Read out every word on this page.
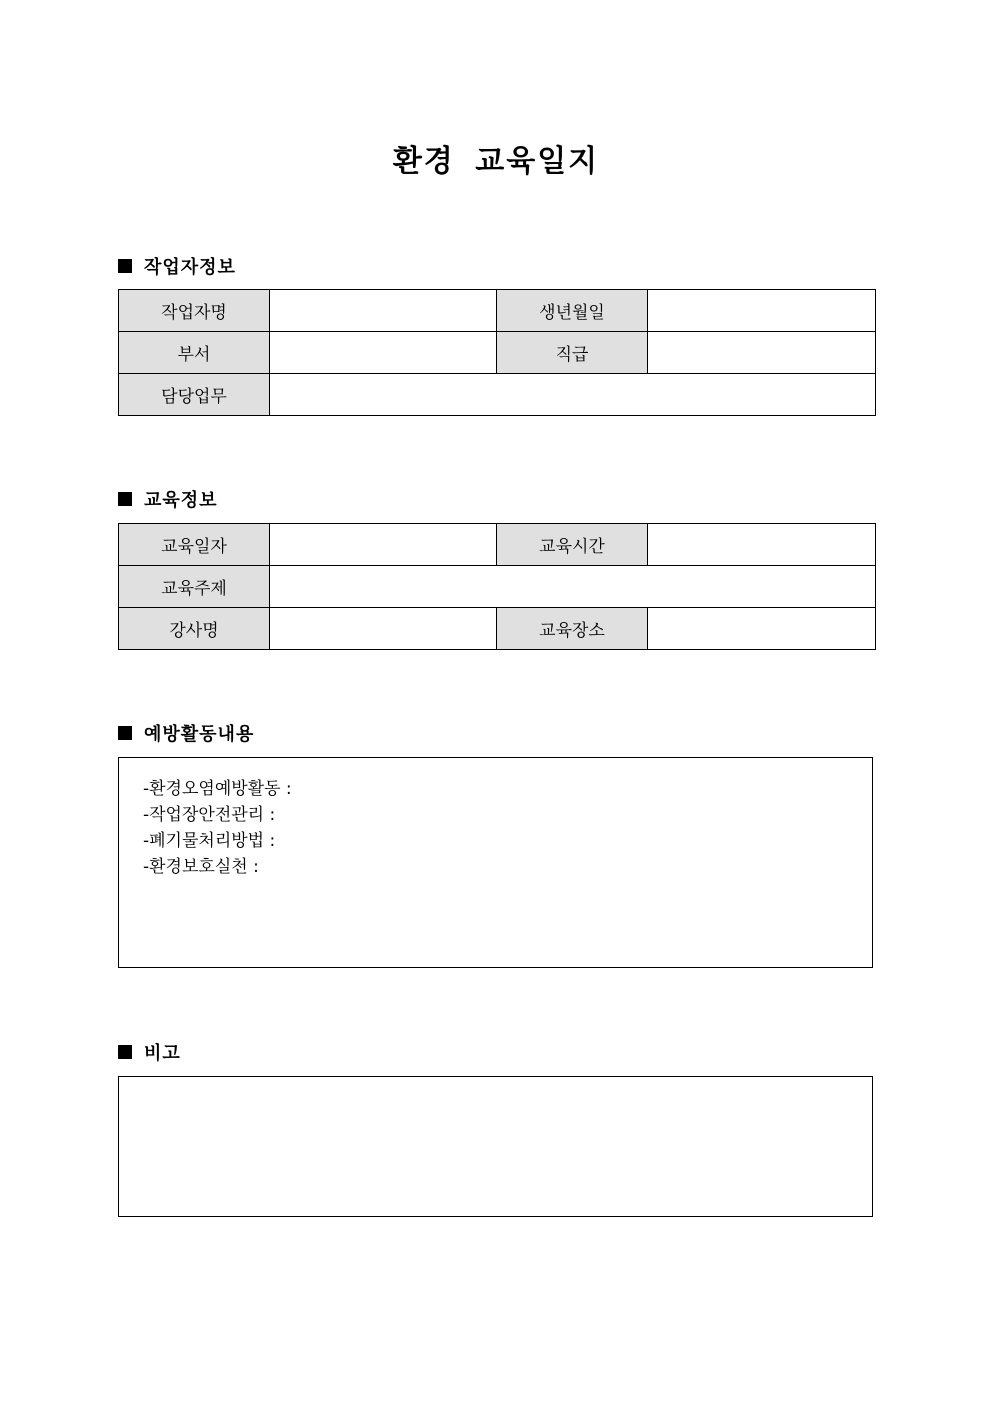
환경 교육일지
작업자정보
작업자명		생년월일	
부서		직급	
담당업무			
교육정보
교육일자		교육시간	
교육주제			
강사명		교육장소	
예방활동내용
-환경오염예방활동 :
-작업장안전관리 :
-폐기물처리방법 :
-환경보호실천 :
비고
